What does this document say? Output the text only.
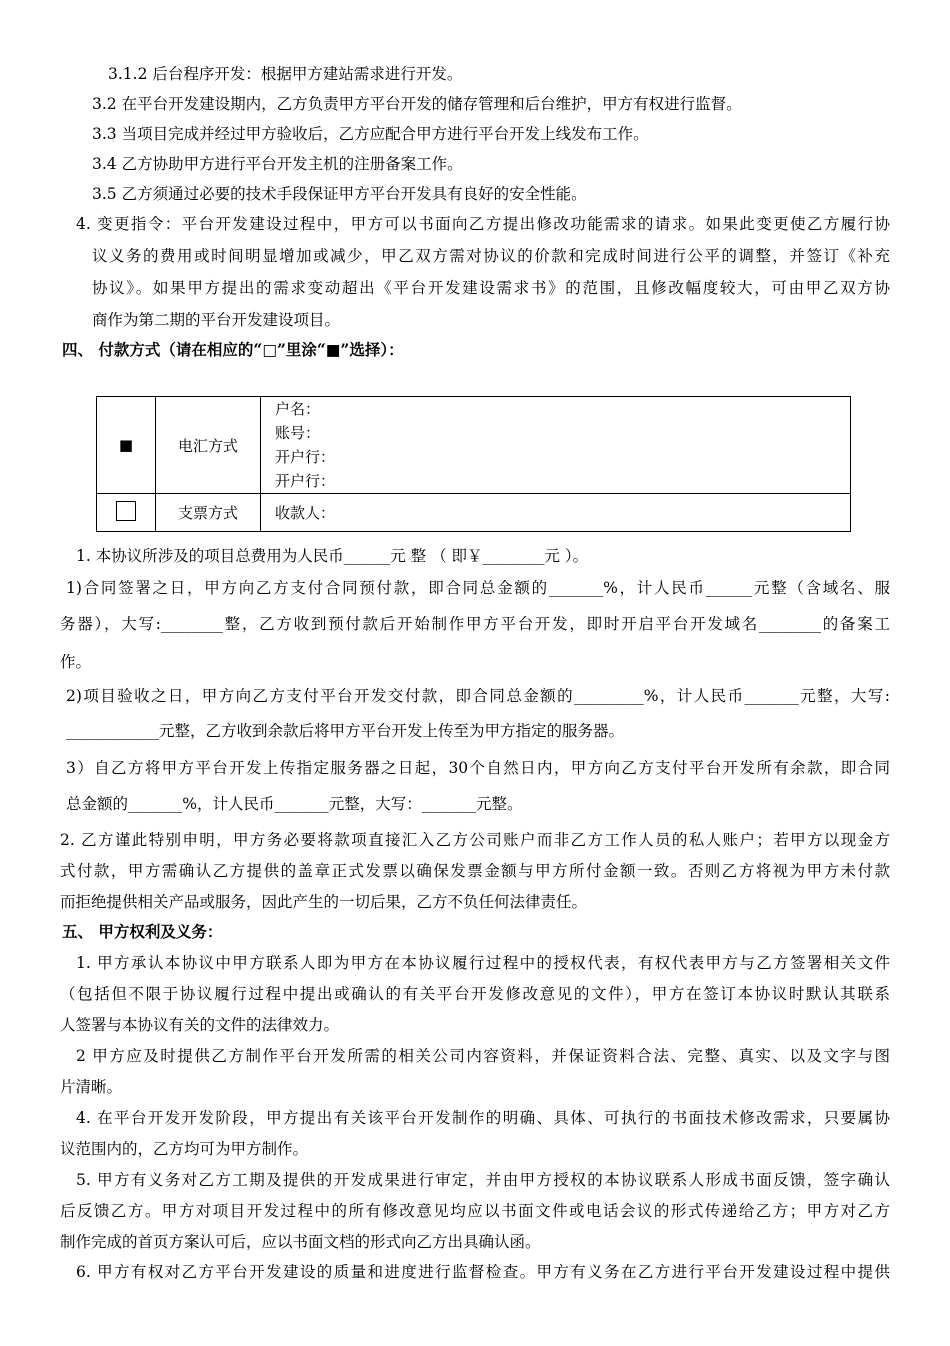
3.1.2 后台程序开发：根据甲方建站需求进行开发。
3.2 在平台开发建设期内，乙方负责甲方平台开发的储存管理和后台维护，甲方有权进行监督。
3.3 当项目完成并经过甲方验收后，乙方应配合甲方进行平台开发上线发布工作。
3.4 乙方协助甲方进行平台开发主机的注册备案工作。
3.5 乙方须通过必要的技术手段保证甲方平台开发具有良好的安全性能。
4. 变更指令：平台开发建设过程中，甲方可以书面向乙方提出修改功能需求的请求。如果此变更使乙方履行协
议义务的费用或时间明显增加或减少，甲乙双方需对协议的价款和完成时间进行公平的调整，并签订《补充
协议》。如果甲方提出的需求变动超出《平台开发建设需求书》的范围，且修改幅度较大，可由甲乙双方协
商作为第二期的平台开发建设项目。
四、 付款方式（请在相应的“□”里涂“■”选择）：
■	电汇方式	户名：
账号：
开户行：
开户行：

	支票方式	收款人：
1. 本协议所涉及的项目总费用为人民币______元 整 （ 即￥________元 ）。
1)合同签署之日，甲方向乙方支付合同预付款，即合同总金额的_______%，计人民币______元整（含域名、服
务器），大写:________整，乙方收到预付款后开始制作甲方平台开发，即时开启平台开发域名________的备案工
作。
2)项目验收之日，甲方向乙方支付平台开发交付款，即合同总金额的_________%，计人民币_______元整，大写:
____________元整，乙方收到余款后将甲方平台开发上传至为甲方指定的服务器。
3）自乙方将甲方平台开发上传指定服务器之日起，30个自然日内，甲方向乙方支付平台开发所有余款，即合同
总金额的_______%，计人民币_______元整，大写：_______元整。
2. 乙方谨此特别申明，甲方务必要将款项直接汇入乙方公司账户而非乙方工作人员的私人账户；若甲方以现金方
式付款，甲方需确认乙方提供的盖章正式发票以确保发票金额与甲方所付金额一致。否则乙方将视为甲方未付款
而拒绝提供相关产品或服务，因此产生的一切后果，乙方不负任何法律责任。
五、 甲方权利及义务：
1. 甲方承认本协议中甲方联系人即为甲方在本协议履行过程中的授权代表，有权代表甲方与乙方签署相关文件
（包括但不限于协议履行过程中提出或确认的有关平台开发修改意见的文件），甲方在签订本协议时默认其联系
人签署与本协议有关的文件的法律效力。
2 甲方应及时提供乙方制作平台开发所需的相关公司内容资料，并保证资料合法、完整、真实、以及文字与图
片清晰。
4. 在平台开发开发阶段，甲方提出有关该平台开发制作的明确、具体、可执行的书面技术修改需求，只要属协
议范围内的，乙方均可为甲方制作。
5. 甲方有义务对乙方工期及提供的开发成果进行审定，并由甲方授权的本协议联系人形成书面反馈，签字确认
后反馈乙方。甲方对项目开发过程中的所有修改意见均应以书面文件或电话会议的形式传递给乙方；甲方对乙方
制作完成的首页方案认可后，应以书面文档的形式向乙方出具确认函。
6. 甲方有权对乙方平台开发建设的质量和进度进行监督检查。甲方有义务在乙方进行平台开发建设过程中提供
